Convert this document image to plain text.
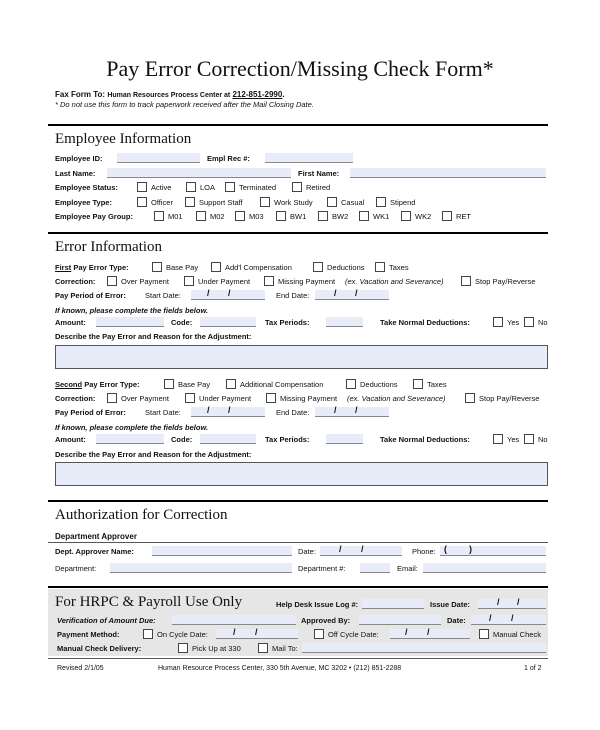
Pay Error Correction/Missing Check Form*
Fax Form To: Human Resources Process Center at 212-851-2990.
* Do not use this form to track paperwork received after the Mail Closing Date.
Employee Information
Employee ID:	Empl Rec #:
Last Name:	First Name:
Employee Status:	Active	LOA	Terminated	Retired
Employee Type:	Officer	Support Staff	Work Study	Casual	Stipend
Employee Pay Group:	M01	M02	M03	BW1	BW2	WK1	WK2	RET
Error Information
First Pay Error Type:	Base Pay	Add'l Compensation	Deductions	Taxes
Correction:	Over Payment	Under Payment	Missing Payment (ex. Vacation and Severance)	Stop Pay/Reverse
Pay Period of Error:	Start Date:	/ /	End Date:	/ /
If known, please complete the fields below.
Amount:	Code:	Tax Periods:	Take Normal Deductions:	Yes	No
Describe the Pay Error and Reason for the Adjustment:
Second Pay Error Type:	Base Pay	Additional Compensation	Deductions	Taxes
Correction:	Over Payment	Under Payment	Missing Payment (ex. Vacation and Severance)	Stop Pay/Reverse
Pay Period of Error:	Start Date:	/ /	End Date:	/ /
If known, please complete the fields below.
Amount:	Code:	Tax Periods:	Take Normal Deductions:	Yes	No
Describe the Pay Error and Reason for the Adjustment:
Authorization for Correction
Department Approver
Dept. Approver Name:	Date:	/ /	Phone: ( )
Department:	Department #:	Email:
For HRPC & Payroll Use Only	Help Desk Issue Log #:	Issue Date:	/ /
Verification of Amount Due:	Approved By:	Date:	/ /
Payment Method:	On Cycle Date:	/ /	Off Cycle Date:	/ /	Manual Check
Manual Check Delivery:	Pick Up at 330	Mail To:
Revised 2/1/05	Human Resource Process Center, 330 5th Avenue, MC 3202 • (212) 851-2288	1 of 2
